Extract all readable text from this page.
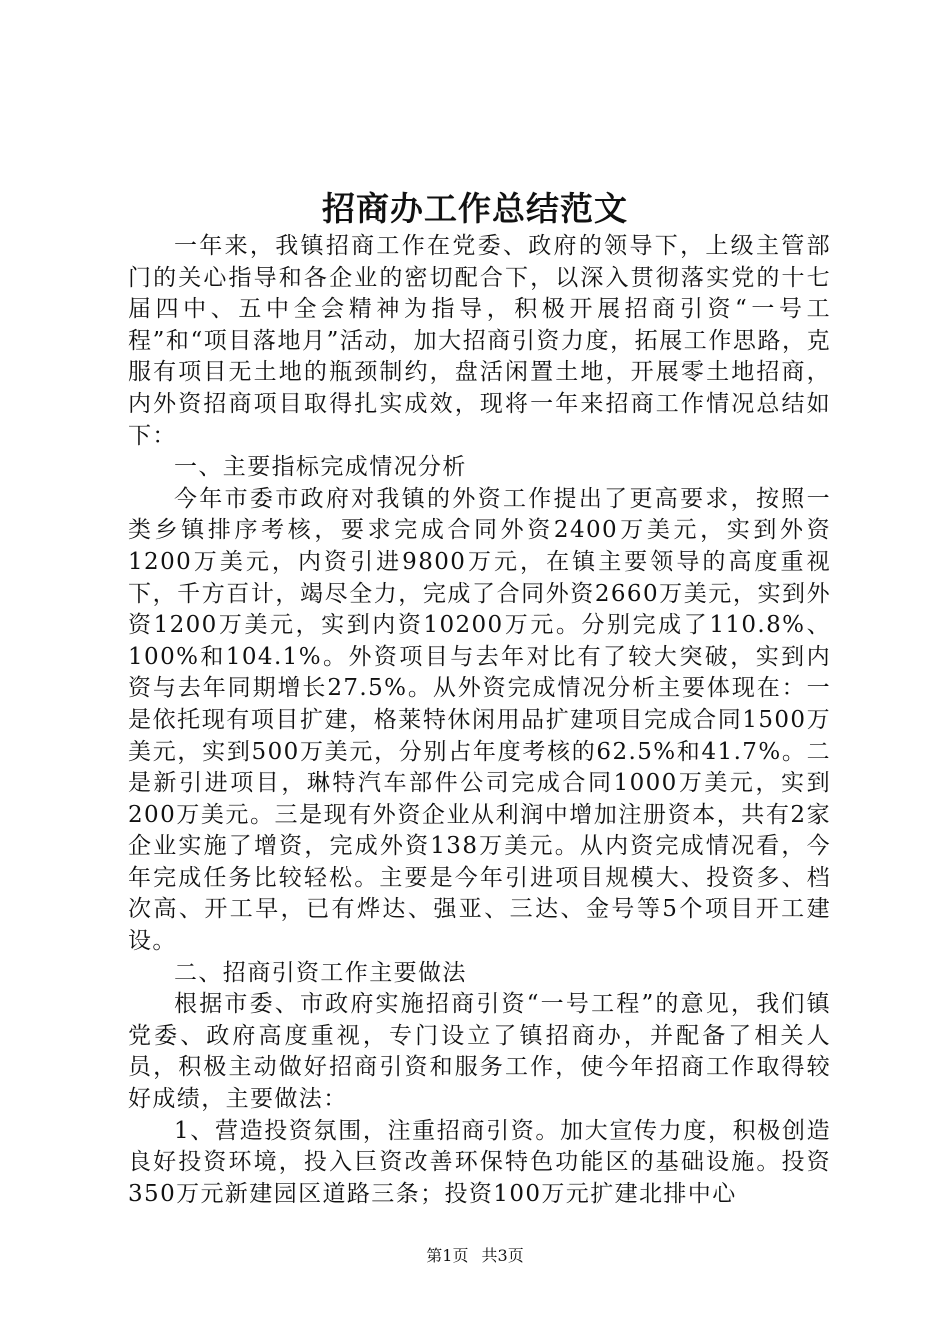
招商办工作总结范文

一年来，我镇招商工作在党委、政府的领导下，上级主管部门的关心指导和各企业的密切配合下，以深入贯彻落实党的十七届四中、五中全会精神为指导，积极开展招商引资“一号工程”和“项目落地月”活动，加大招商引资力度，拓展工作思路，克服有项目无土地的瓶颈制约，盘活闲置土地，开展零土地招商，内外资招商项目取得扎实成效，现将一年来招商工作情况总结如下：

一、主要指标完成情况分析

今年市委市政府对我镇的外资工作提出了更高要求，按照一类乡镇排序考核，要求完成合同外资2400万美元，实到外资1200万美元，内资引进9800万元，在镇主要领导的高度重视下，千方百计，竭尽全力，完成了合同外资2660万美元，实到外资1200万美元，实到内资10200万元。分别完成了110.8%、100%和104.1%。外资项目与去年对比有了较大突破，实到内资与去年同期增长27.5%。从外资完成情况分析主要体现在：一是依托现有项目扩建，格莱特休闲用品扩建项目完成合同1500万美元，实到500万美元，分别占年度考核的62.5%和41.7%。二是新引进项目，琳特汽车部件公司完成合同1000万美元，实到200万美元。三是现有外资企业从利润中增加注册资本，共有2家企业实施了增资，完成外资138万美元。从内资完成情况看，今年完成任务比较轻松。主要是今年引进项目规模大、投资多、档次高、开工早，已有烨达、强亚、三达、金号等5个项目开工建设。

二、招商引资工作主要做法

根据市委、市政府实施招商引资“一号工程”的意见，我们镇党委、政府高度重视，专门设立了镇招商办，并配备了相关人员，积极主动做好招商引资和服务工作，使今年招商工作取得较好成绩，主要做法：

1、营造投资氛围，注重招商引资。加大宣传力度，积极创造良好投资环境，投入巨资改善环保特色功能区的基础设施。投资350万元新建园区道路三条；投资100万元扩建北排中心

第1页 共3页
